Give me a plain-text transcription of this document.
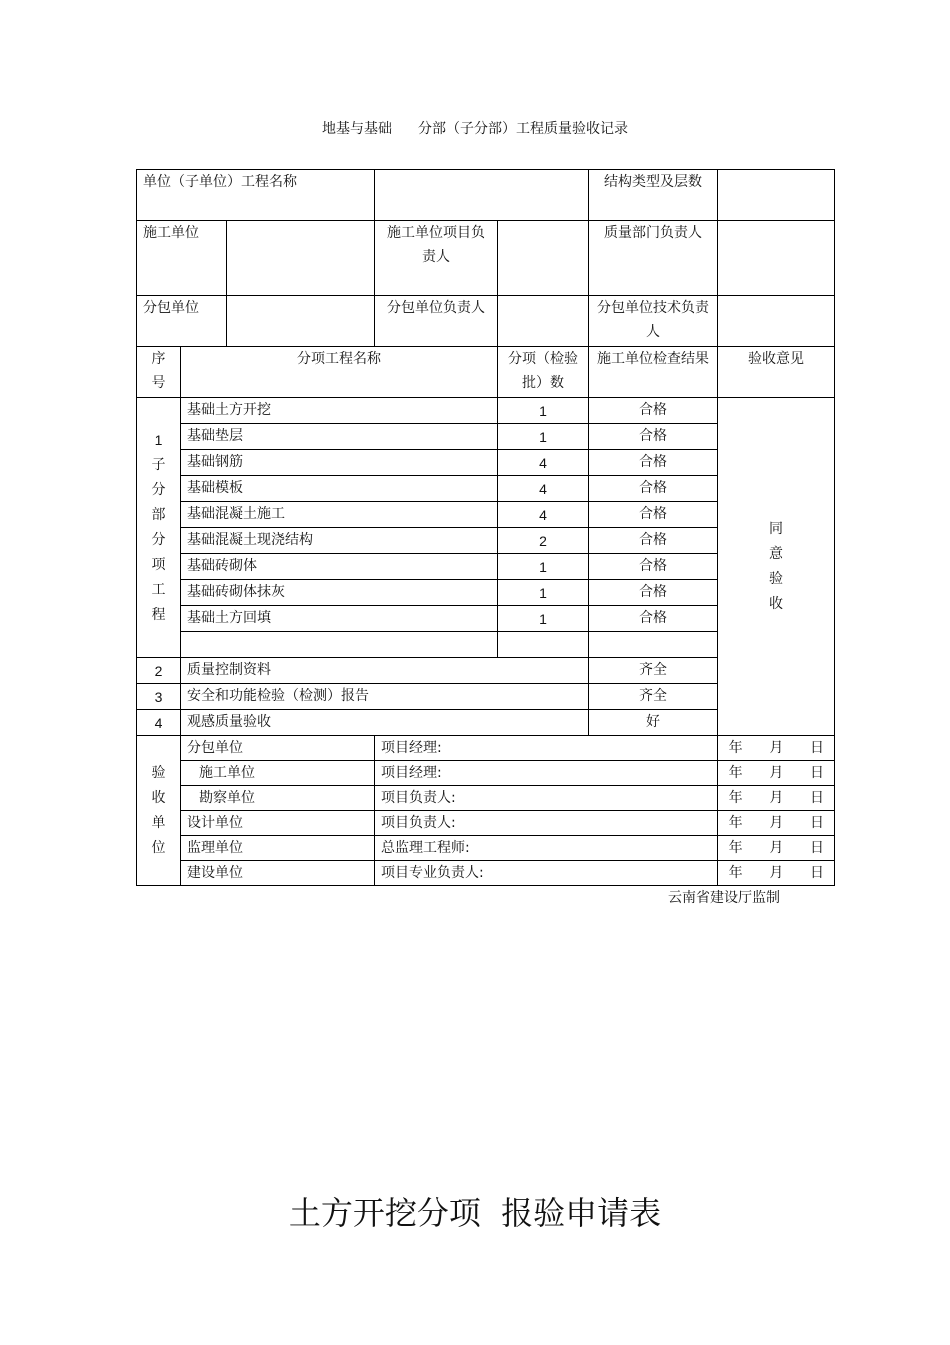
地基与基础 分部（子分部）工程质量验收记录
单位（子单位）工程名称					结构类型及层数	
施工单位			施工单位项目负责人		质量部门负责人	
分包单位			分包单位负责人		分包单位技术负责人	
序号	分项工程名称			分项（检验批）数	施工单位检查结果	验收意见

1
子分部分项工程	基础土方开挖			1	合格	同意验收

	基础垫层			1	合格	
	基础钢筋			4	合格	
	基础模板			4	合格	
	基础混凝土施工			4	合格	
	基础混凝土现浇结构			2	合格	
	基础砖砌体			1	合格	
	基础砖砌体抹灰			1	合格	
	基础土方回填			1	合格	

2	质量控制资料				齐全	
3	安全和功能检验（检测）报告				齐全	
4	观感质量验收				好	

验收单位	分包单位		项目经理:			年      月      日
	施工单位		项目经理:			年      月      日
	勘察单位		项目负责人:			年      月      日
	设计单位		项目负责人:			年      月      日
	监理单位		总监理工程师:			年      月      日
	建设单位		项目专业负责人:			年      月      日
云南省建设厅监制
土方开挖分项  报验申请表
